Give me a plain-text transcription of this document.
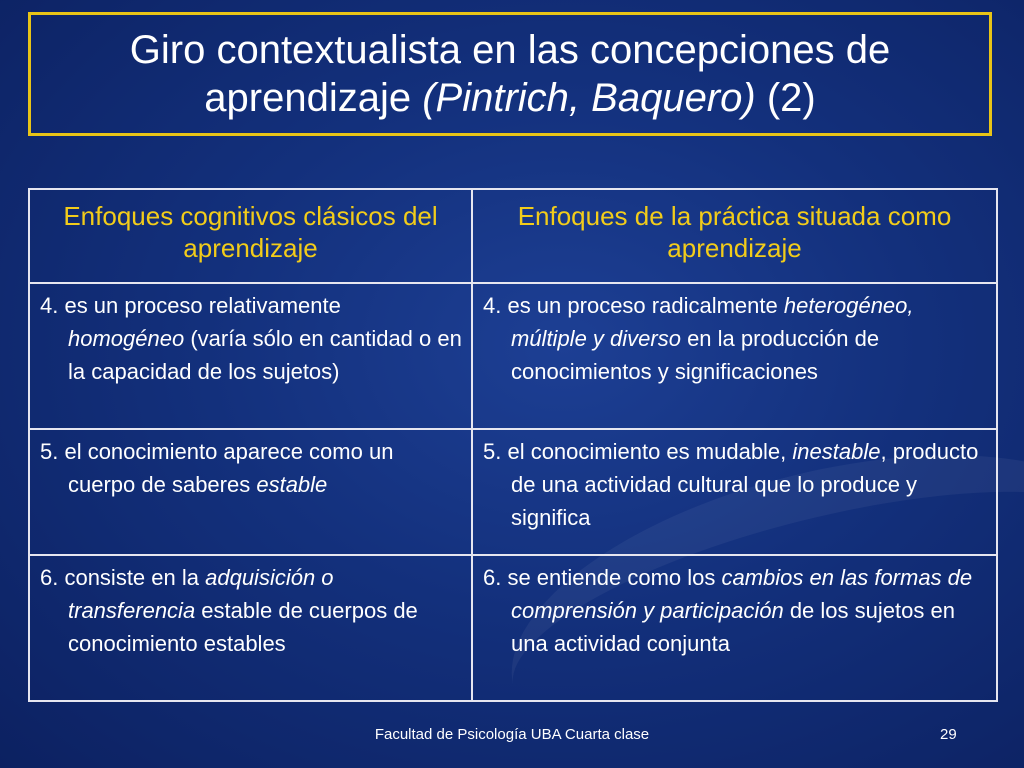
Giro contextualista en las concepciones de
aprendizaje (Pintrich, Baquero) (2)
Enfoques cognitivos clásicos del aprendizaje	Enfoques de la práctica situada como aprendizaje
4. es un proceso relativamente homogéneo (varía sólo en cantidad o en la capacidad de los sujetos)	4. es un proceso radicalmente heterogéneo, múltiple y diverso en la producción de conocimientos y significaciones
5. el conocimiento aparece como un cuerpo de saberes estable	5. el conocimiento es mudable, inestable, producto de una actividad cultural que lo produce y significa
6. consiste en la adquisición o transferencia estable de cuerpos de conocimiento estables	6. se entiende como los cambios en las formas de comprensión y participación de los sujetos en una actividad conjunta
Facultad de Psicología UBA Cuarta clase	29
